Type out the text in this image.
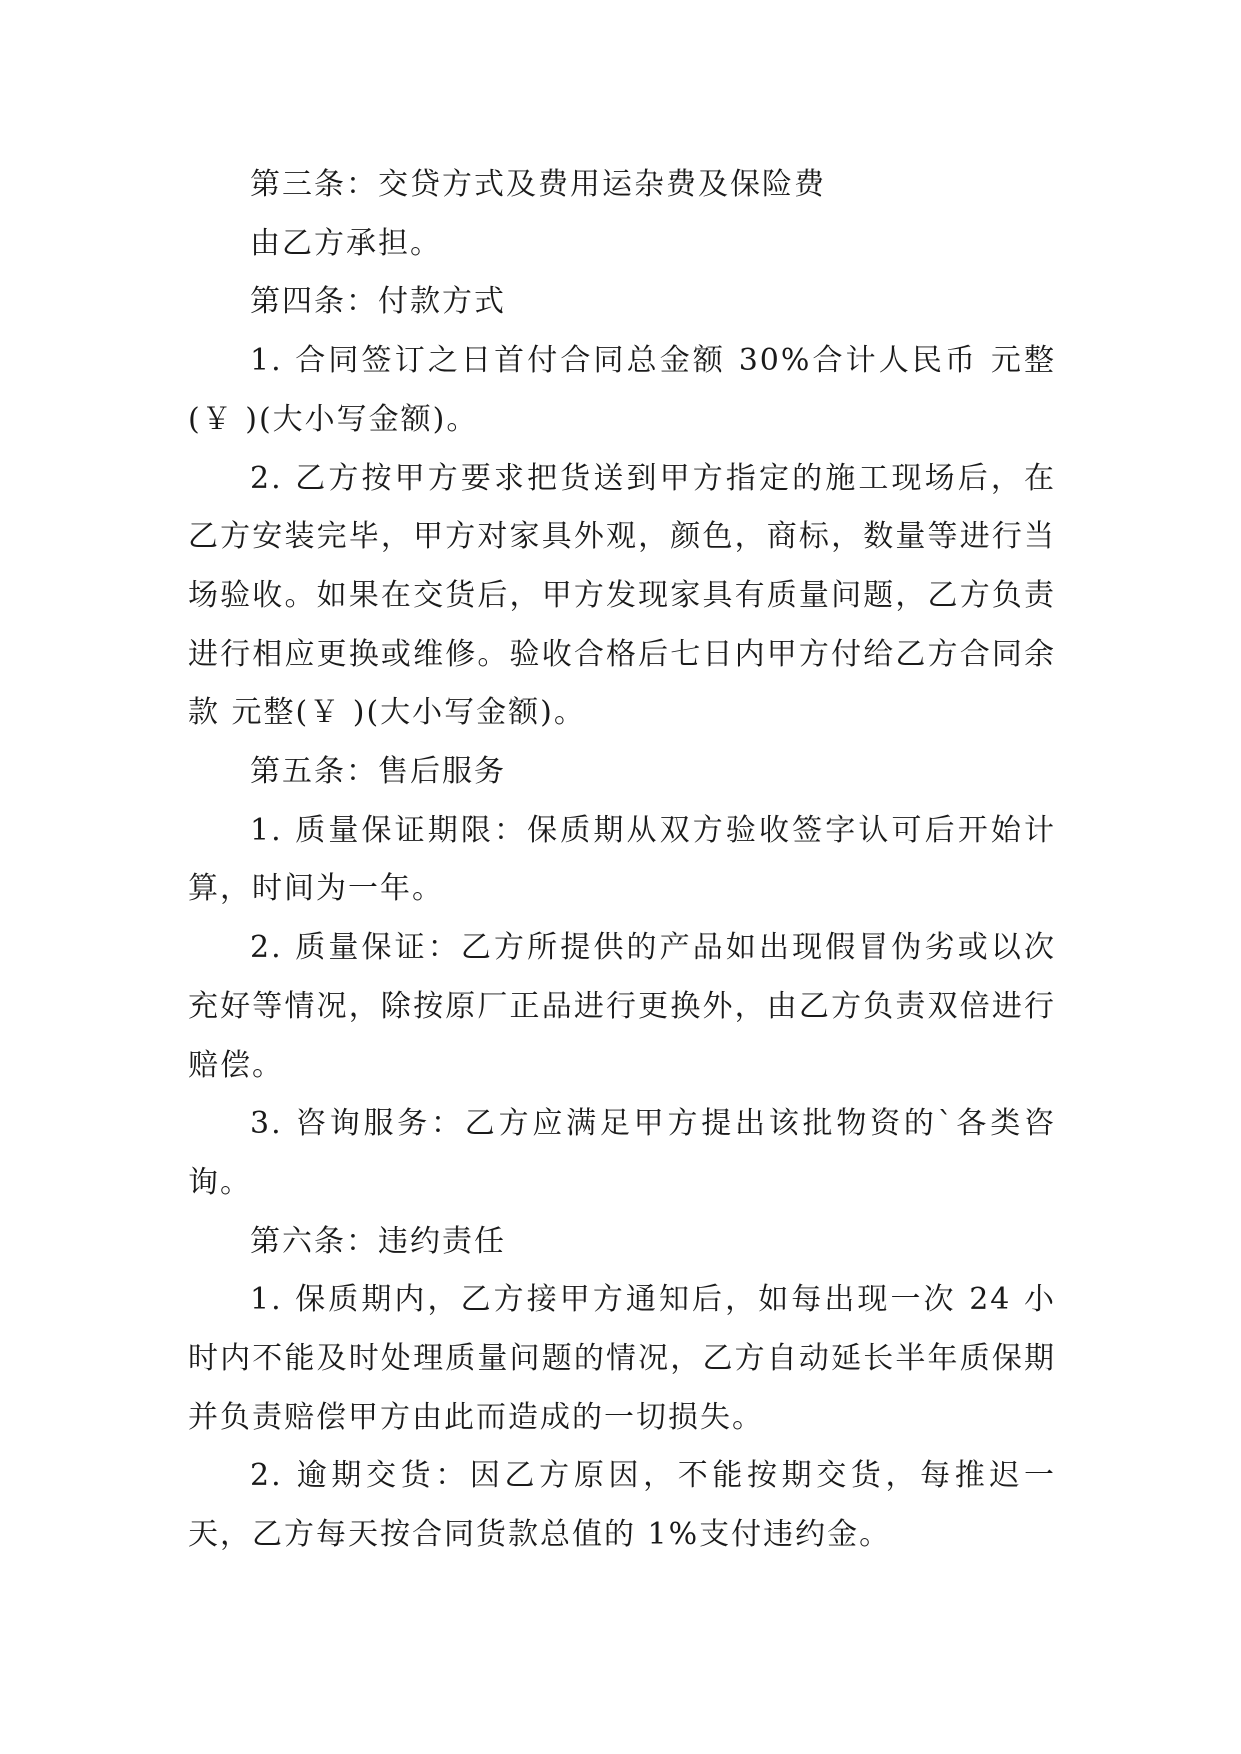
第三条：交贷方式及费用运杂费及保险费

由乙方承担。

第四条：付款方式

1. 合同签订之日首付合同总金额 30%合计人民币 元整(￥ )(大小写金额)。

2. 乙方按甲方要求把货送到甲方指定的施工现场后，在乙方安装完毕，甲方对家具外观，颜色，商标，数量等进行当场验收。如果在交货后，甲方发现家具有质量问题，乙方负责进行相应更换或维修。验收合格后七日内甲方付给乙方合同余款 元整(￥ )(大小写金额)。

第五条：售后服务

1. 质量保证期限：保质期从双方验收签字认可后开始计算，时间为一年。

2. 质量保证：乙方所提供的产品如出现假冒伪劣或以次充好等情况，除按原厂正品进行更换外，由乙方负责双倍进行赔偿。

3. 咨询服务：乙方应满足甲方提出该批物资的`各类咨询。

第六条：违约责任

1. 保质期内，乙方接甲方通知后，如每出现一次 24 小时内不能及时处理质量问题的情况，乙方自动延长半年质保期并负责赔偿甲方由此而造成的一切损失。

2. 逾期交货：因乙方原因，不能按期交货，每推迟一天，乙方每天按合同货款总值的 1%支付违约金。
